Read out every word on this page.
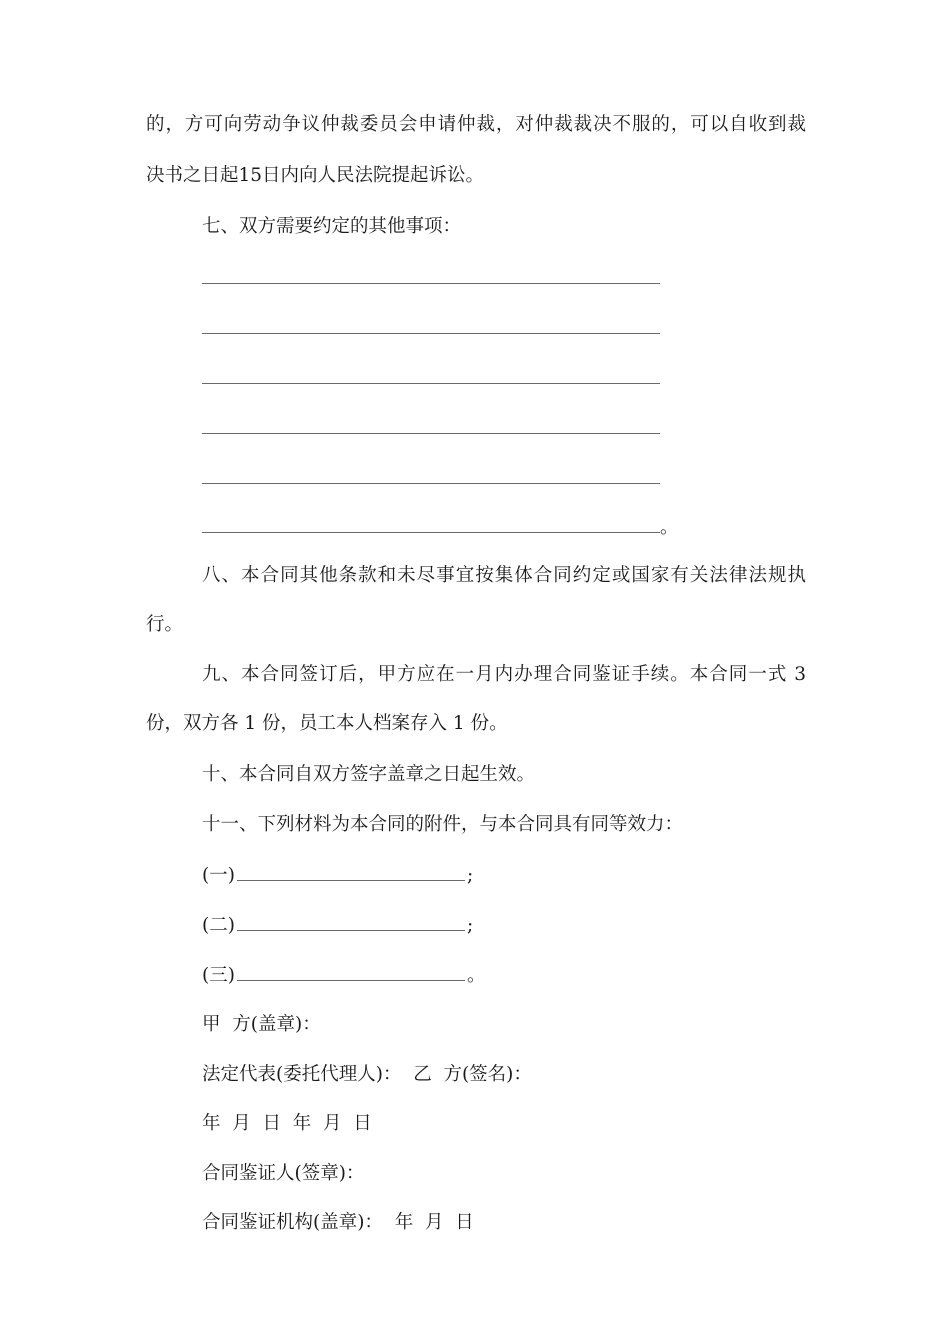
的，方可向劳动争议仲裁委员会申请仲裁，对仲裁裁决不服的，可以自收到裁
决书之日起15日内向人民法院提起诉讼。
七、双方需要约定的其他事项：
。
八、本合同其他条款和未尽事宜按集体合同约定或国家有关法律法规执
行。
九、本合同签订后，甲方应在一月内办理合同鉴证手续。本合同一式 3
份，双方各 1 份，员工本人档案存入 1 份。
十、本合同自双方签字盖章之日起生效。
十一、下列材料为本合同的附件，与本合同具有同等效力：
(一)	;
(二)	;
(三)	。
甲  方(盖章)：
法定代表(委托代理人)：  乙  方(签名)：
年  月  日  年  月  日
合同鉴证人(签章)：
合同鉴证机构(盖章)：  年  月  日
